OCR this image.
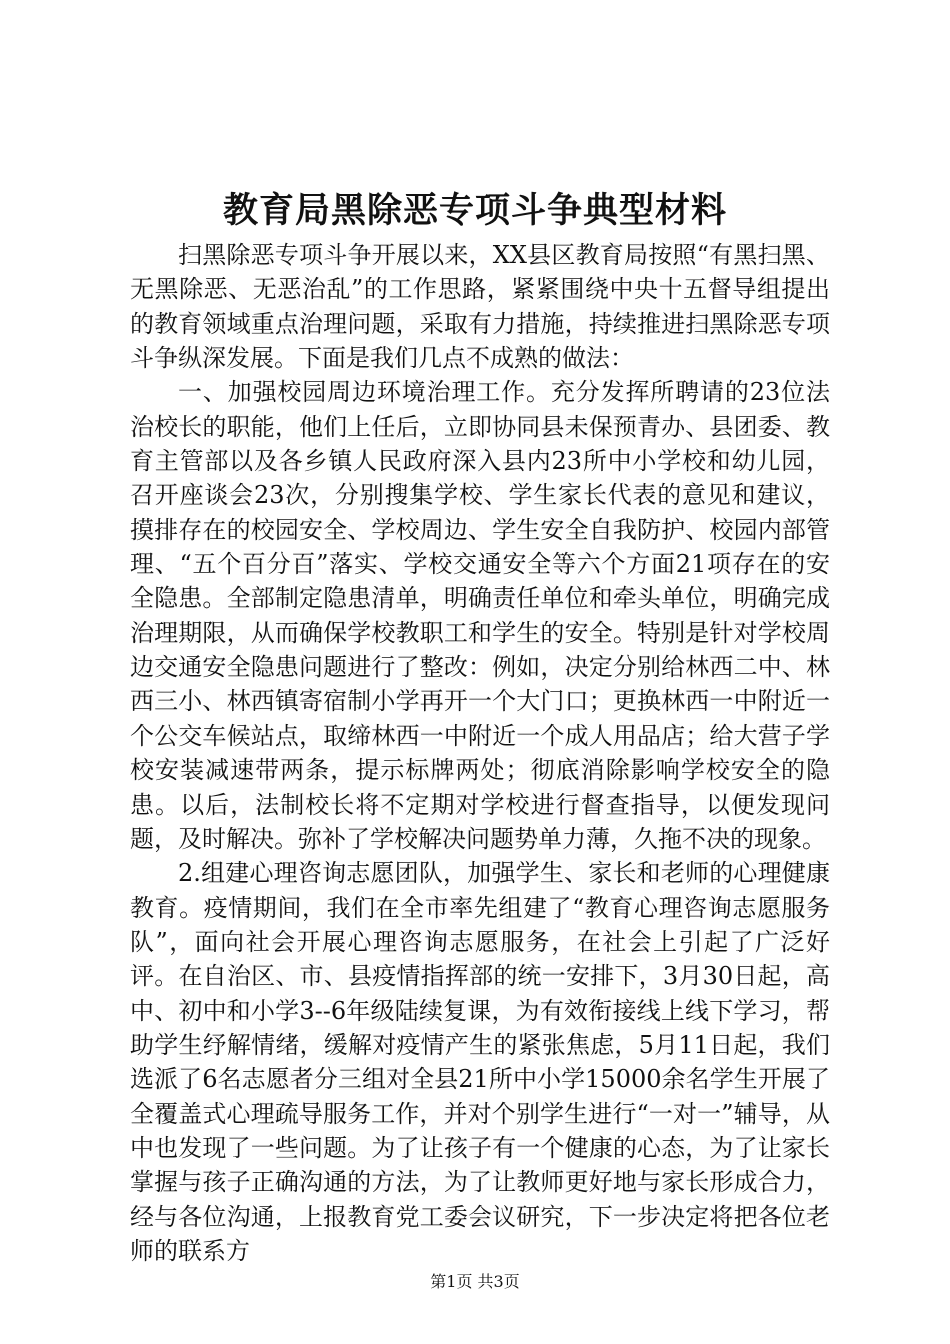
教育局黑除恶专项斗争典型材料

扫黑除恶专项斗争开展以来，XX县区教育局按照“有黑扫黑、无黑除恶、无恶治乱”的工作思路，紧紧围绕中央十五督导组提出的教育领域重点治理问题，采取有力措施，持续推进扫黑除恶专项斗争纵深发展。下面是我们几点不成熟的做法：

一、加强校园周边环境治理工作。充分发挥所聘请的23位法治校长的职能，他们上任后，立即协同县未保预青办、县团委、教育主管部以及各乡镇人民政府深入县内23所中小学校和幼儿园，召开座谈会23次，分别搜集学校、学生家长代表的意见和建议，摸排存在的校园安全、学校周边、学生安全自我防护、校园内部管理、“五个百分百”落实、学校交通安全等六个方面21项存在的安全隐患。全部制定隐患清单，明确责任单位和牵头单位，明确完成治理期限，从而确保学校教职工和学生的安全。特别是针对学校周边交通安全隐患问题进行了整改：例如，决定分别给林西二中、林西三小、林西镇寄宿制小学再开一个大门口；更换林西一中附近一个公交车候站点，取缔林西一中附近一个成人用品店；给大营子学校安装减速带两条，提示标牌两处；彻底消除影响学校安全的隐患。以后，法制校长将不定期对学校进行督查指导，以便发现问题，及时解决。弥补了学校解决问题势单力薄，久拖不决的现象。

2.组建心理咨询志愿团队，加强学生、家长和老师的心理健康教育。疫情期间，我们在全市率先组建了“教育心理咨询志愿服务队”，面向社会开展心理咨询志愿服务，在社会上引起了广泛好评。在自治区、市、县疫情指挥部的统一安排下，3月30日起，高中、初中和小学3--6年级陆续复课，为有效衔接线上线下学习，帮助学生纾解情绪，缓解对疫情产生的紧张焦虑，5月11日起，我们选派了6名志愿者分三组对全县21所中小学15000余名学生开展了全覆盖式心理疏导服务工作，并对个别学生进行“一对一”辅导，从中也发现了一些问题。为了让孩子有一个健康的心态，为了让家长掌握与孩子正确沟通的方法，为了让教师更好地与家长形成合力，经与各位沟通，上报教育党工委会议研究，下一步决定将把各位老师的联系方

第1页 共3页
